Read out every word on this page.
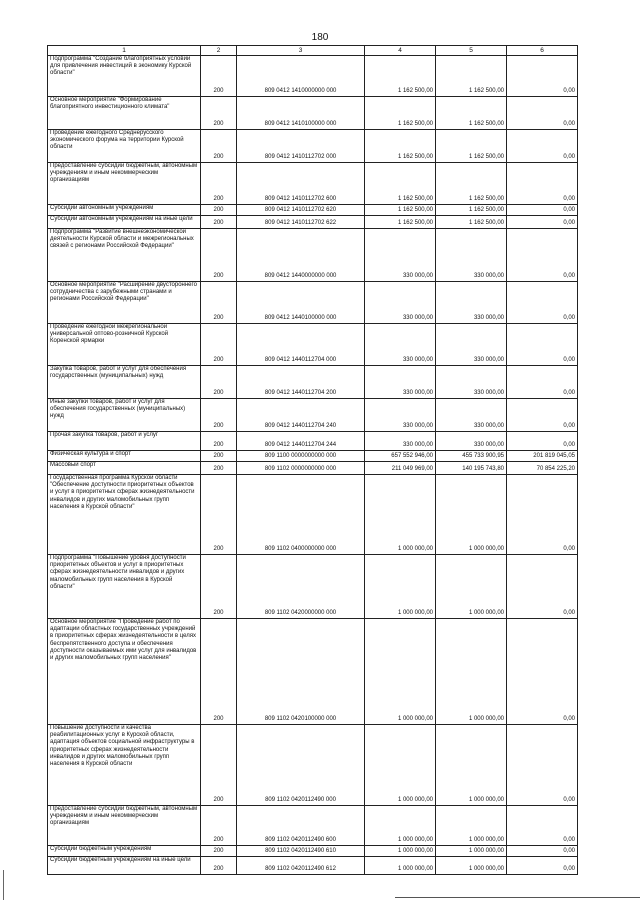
180
1	2	3	4	5	6
Подпрограмма "Создание благоприятных условий для привлечения инвестиций в экономику Курской области"	200	809 0412 1410000000 000	1 162 500,00	1 162 500,00	0,00
Основное мероприятие "Формирование благоприятного инвестиционного климата"	200	809 0412 1410100000 000	1 162 500,00	1 162 500,00	0,00
Проведение ежегодного Среднерусского экономического форума на территории Курской области	200	809 0412 1410112702 000	1 162 500,00	1 162 500,00	0,00
Предоставление субсидий бюджетным, автономным учреждениям и иным некоммерческим организациям	200	809 0412 1410112702 600	1 162 500,00	1 162 500,00	0,00
Субсидии автономным учреждениям	200	809 0412 1410112702 620	1 162 500,00	1 162 500,00	0,00
Субсидии автономным учреждениям на иные цели	200	809 0412 1410112702 622	1 162 500,00	1 162 500,00	0,00
Подпрограмма "Развитие внешнеэкономической деятельности Курской области и межрегиональных связей с регионами Российской Федерации"	200	809 0412 1440000000 000	330 000,00	330 000,00	0,00
Основное мероприятие "Расширение двустороннего сотрудничества с зарубежными странами и регионами Российской Федерации"	200	809 0412 1440100000 000	330 000,00	330 000,00	0,00
Проведение ежегодной межрегиональной универсальной оптово-розничной Курской Коренской ярмарки	200	809 0412 1440112704 000	330 000,00	330 000,00	0,00
Закупка товаров, работ и услуг для обеспечения государственных (муниципальных) нужд	200	809 0412 1440112704 200	330 000,00	330 000,00	0,00
Иные закупки товаров, работ и услуг для обеспечения государственных (муниципальных) нужд	200	809 0412 1440112704 240	330 000,00	330 000,00	0,00
Прочая закупка товаров, работ и услуг	200	809 0412 1440112704 244	330 000,00	330 000,00	0,00
Физическая культура и спорт	200	809 1100 0000000000 000	657 552 946,00	455 733 900,95	201 819 045,05
Массовый спорт	200	809 1102 0000000000 000	211 049 969,00	140 195 743,80	70 854 225,20
Государственная программа Курской области "Обеспечение доступности приоритетных объектов и услуг в приоритетных сферах жизнедеятельности инвалидов и других маломобильных групп населения в Курской области"	200	809 1102 0400000000 000	1 000 000,00	1 000 000,00	0,00
Подпрограмма "Повышение уровня доступности приоритетных объектов и услуг в приоритетных сферах жизнедеятельности инвалидов и других маломобильных групп населения в Курской области"	200	809 1102 0420000000 000	1 000 000,00	1 000 000,00	0,00
Основное мероприятие "Проведение работ по адаптации областных государственных учреждений в приоритетных сферах жизнедеятельности в целях беспрепятственного доступа и обеспечения доступности оказываемых ими услуг для инвалидов и других маломобильных групп населения"	200	809 1102 0420100000 000	1 000 000,00	1 000 000,00	0,00
Повышение доступности и качества реабилитационных услуг в Курской области, адаптация объектов социальной инфраструктуры в приоритетных сферах жизнедеятельности инвалидов и других маломобильных групп населения в Курской области	200	809 1102 0420112490 000	1 000 000,00	1 000 000,00	0,00
Предоставление субсидий бюджетным, автономным учреждениям и иным некоммерческим организациям	200	809 1102 0420112490 600	1 000 000,00	1 000 000,00	0,00
Субсидии бюджетным учреждениям	200	809 1102 0420112490 610	1 000 000,00	1 000 000,00	0,00
Субсидии бюджетным учреждениям на иные цели	200	809 1102 0420112490 612	1 000 000,00	1 000 000,00	0,00
